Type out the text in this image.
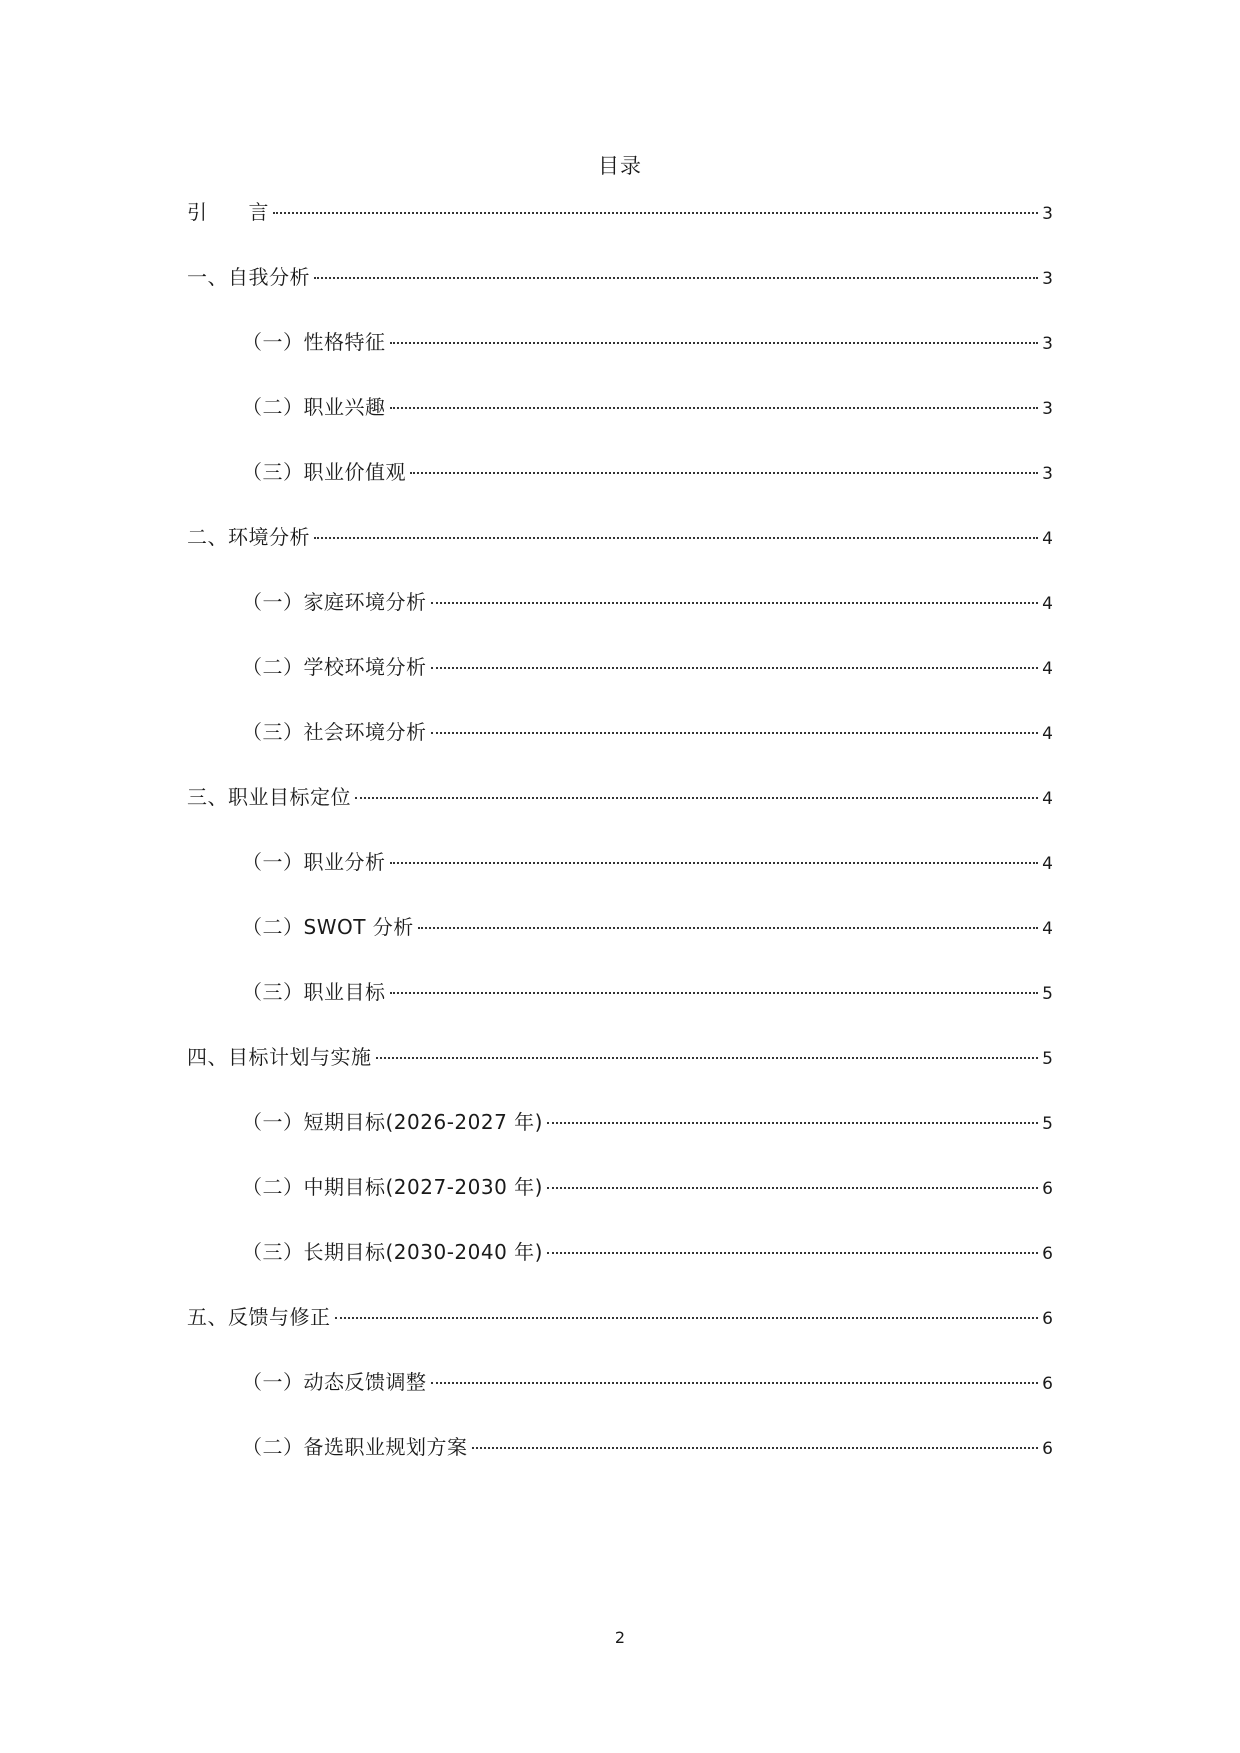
目录
引　　言	3
一、自我分析	3
（一）性格特征	3
（二）职业兴趣	3
（三）职业价值观	3
二、环境分析	4
（一）家庭环境分析	4
（二）学校环境分析	4
（三）社会环境分析	4
三、职业目标定位	4
（一）职业分析	4
（二）SWOT 分析	4
（三）职业目标	5
四、目标计划与实施	5
（一）短期目标(2026-2027 年)	5
（二）中期目标(2027-2030 年)	6
（三）长期目标(2030-2040 年)	6
五、反馈与修正	6
（一）动态反馈调整	6
（二）备选职业规划方案	6
2
